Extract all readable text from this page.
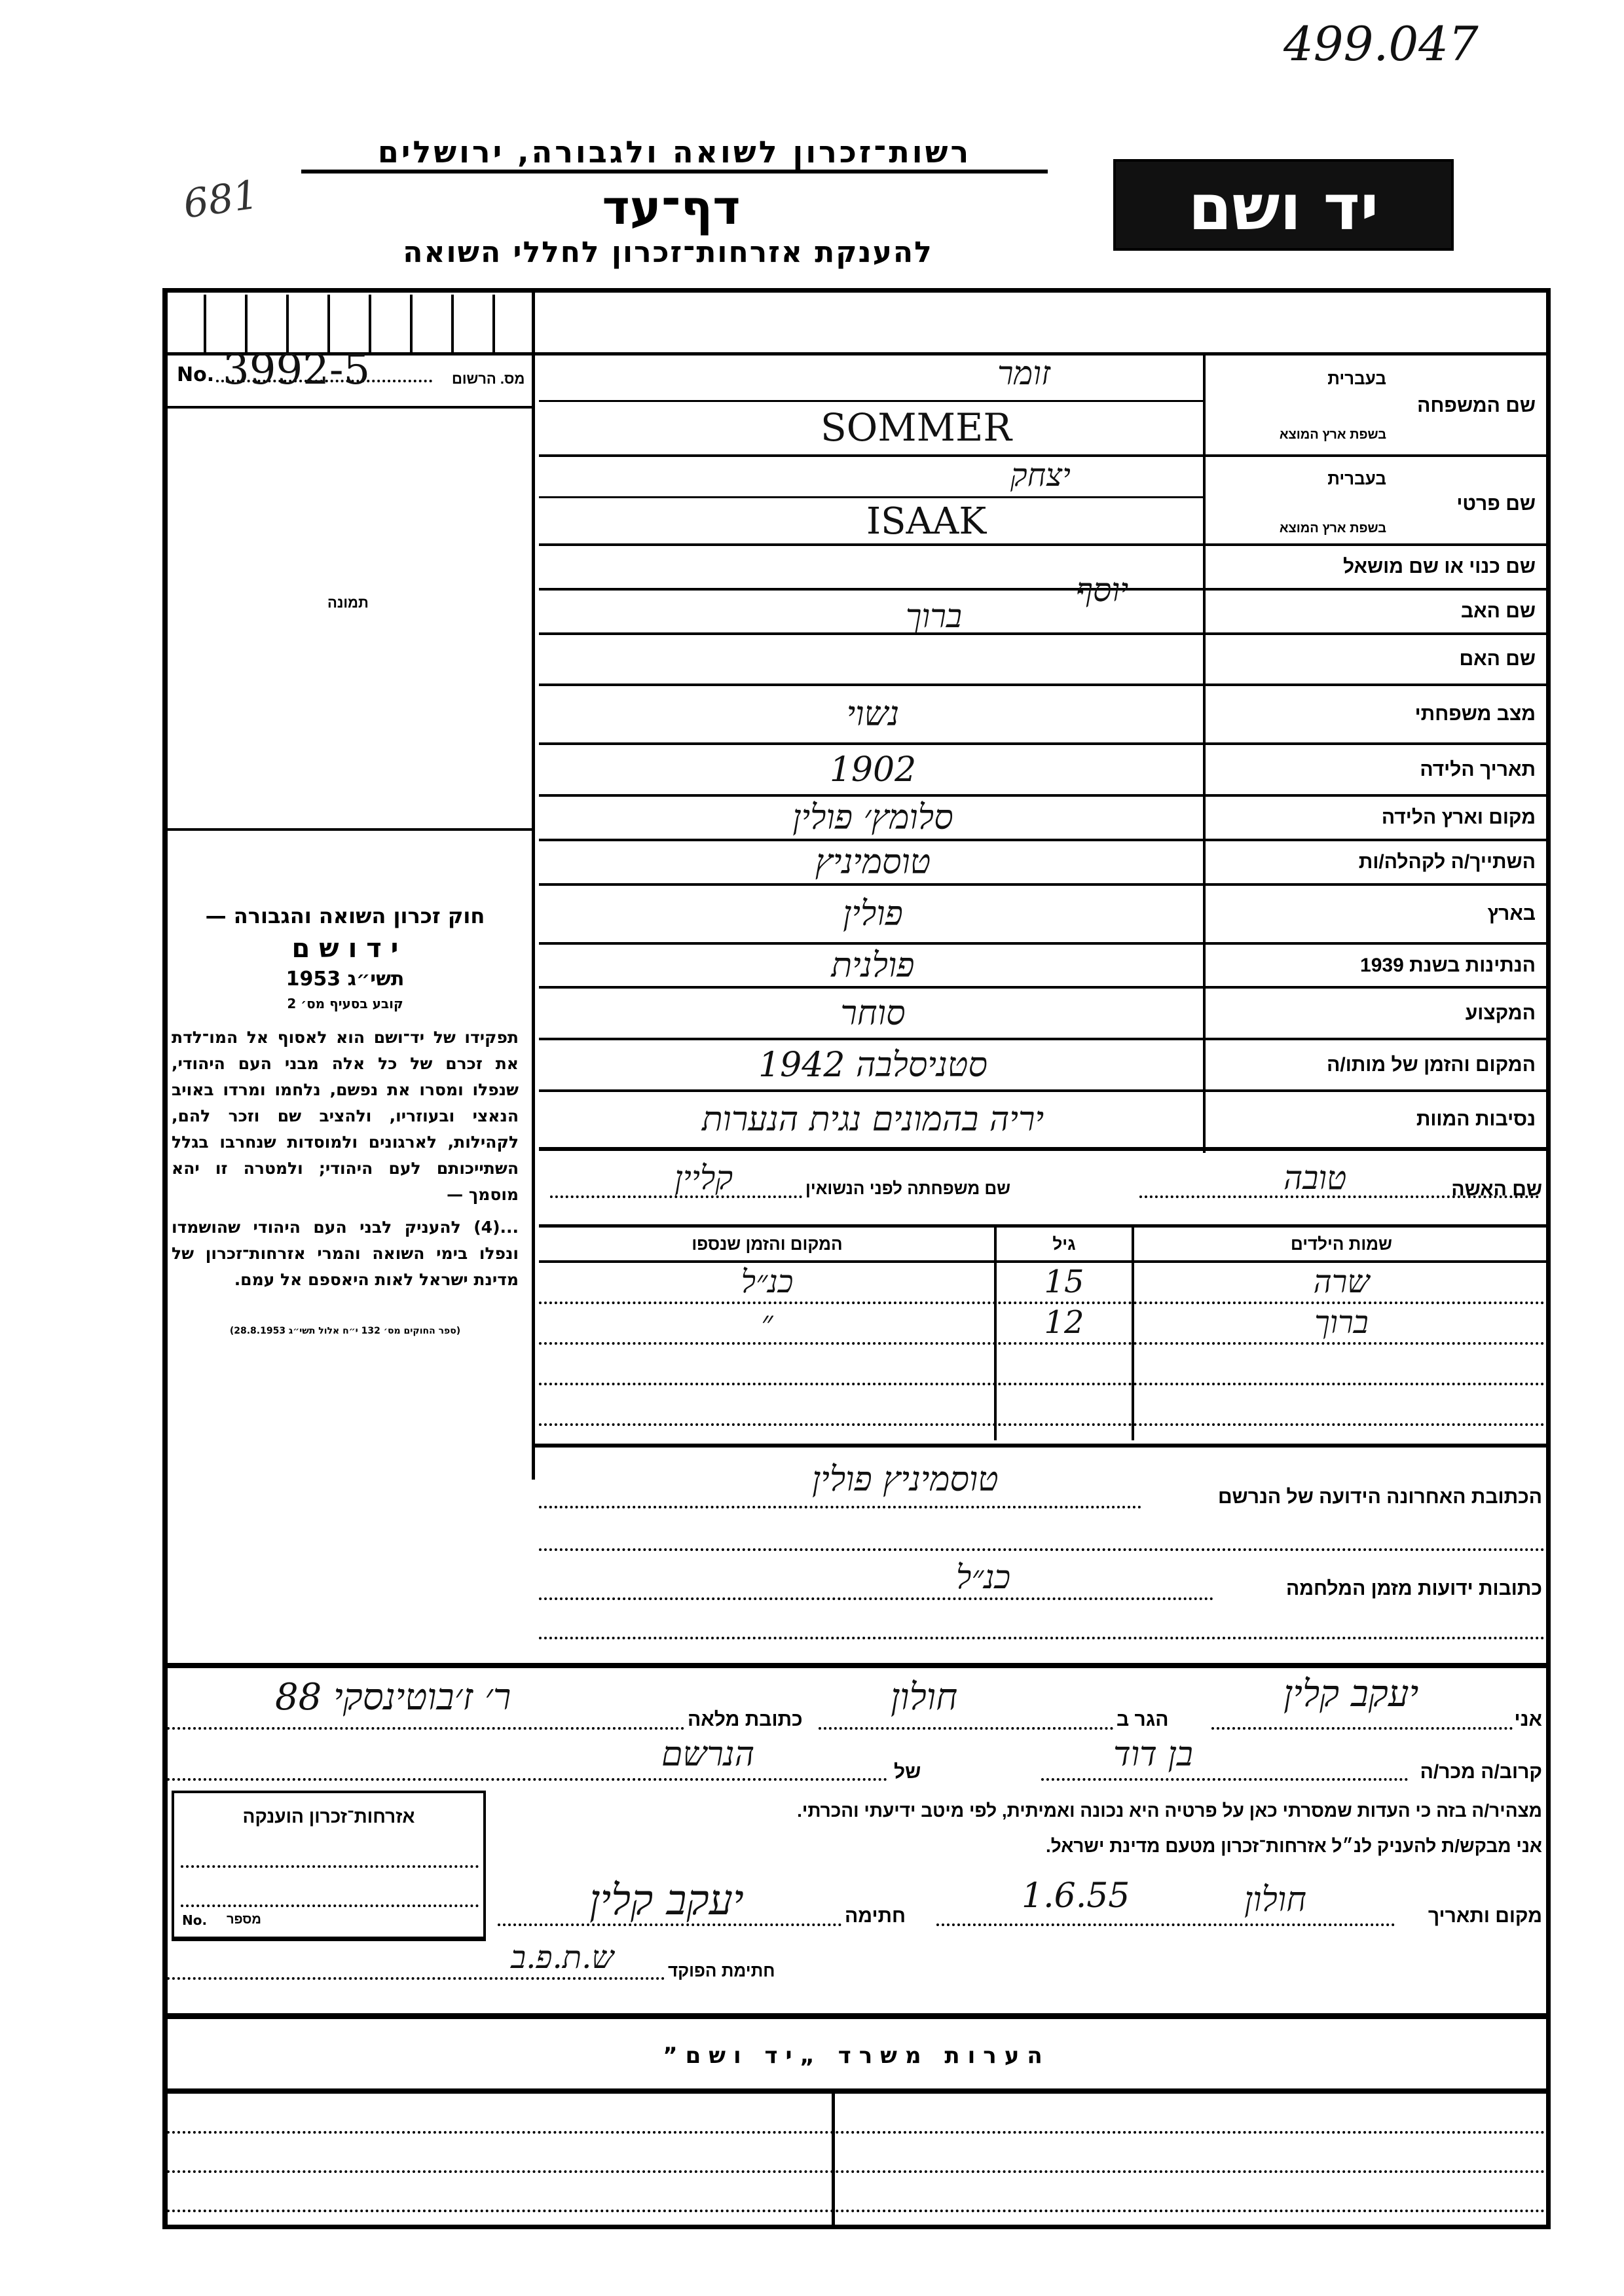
499.047
681
רשות־זכרון לשואה ולגבורה, ירושלים
דף־עד
להענקת אזרחות־זכרון לחללי השואה
יד ושם
No. 3992-5	מס. הרשום
תמונה
חוק זכרון השואה והגבורה —
י ד ו ש ם
תשי״ג 1953
קובע בסעיף מס׳ 2

תפקידו של יד־ושם הוא לאסוף אל המו־לדת את זכרם של כל אלה מבני העם היהודי, שנפלו ומסרו את נפשם, נלחמו ומרדו באויב הנאצי ובעוזריו, ולהציב שם וזכר להם, לקהילות, לארגונים ולמוסדות שנחרבו בגלל השתייכותם לעם היהודי; ולמטרה זו יהא מוסמך —

...(4) להעניק לבני העם היהודי שהושמדו ונפלו בימי השואה והמרי אזרחות־זכרון של מדינת ישראל לאות היאספם אל עמם.

(ספר החוקים מס׳ 132 י״ח אלול תשי״ג 28.8.1953)
שם המשפחה
בעברית
בשפת ארץ המוצא
זומר
SOMMER
שם פרטי
בעברית
בשפת ארץ המוצא
יצחק
ISAAK
שם כנוי או שם מושאל
שם האב
יוסף
ברוך
שם האם
מצב משפחתי
נשוי
תאריך הלידה
1902
מקום וארץ הלידה
סלומץ׳ פולין
השתייך/ה לקהלה/ות
טוסמיניץ
בארץ
פולין
הנתינות בשנת 1939
פולנית
המקצוע
סוחר
המקום והזמן של מותו/ה
סטניסלבה 1942
נסיבות המוות
יריה בהמונים נגית הנערות
שם האשה
טובה
שם משפחתה לפני הנשואין
קליין
שמות הילדים
גיל
המקום והזמן שנספו
שרה
15
כנ״ל
ברוך
12
״
הכתובת האחרונה הידועה של הנרשם
טוסמיניץ פולין
כתובות ידועות מזמן המלחמה
כנ״ל
אני
יעקב קלין
הגר ב
חולון
כתובת מלאה
ר׳ ז׳בוטינסקי 88
קרוב/ה מכר/ה
בן דוד
של
הנרשם
מצהיר/ה בזה כי העדות שמסרתי כאן על פרטיה היא נכונה ואמיתית, לפי מיטב ידיעתי והכרתי.
אני מבקש/ת להעניק לנ״ל אזרחות־זכרון מטעם מדינת ישראל.
מקום ותאריך
חולון
1.6.55
חתימה
יעקב קלין
חתימת הפוקד
ש.ת.פ.ב
אזרחות־זכרון הוענקה
No. מספר
הערות משרד „יד ושם”
